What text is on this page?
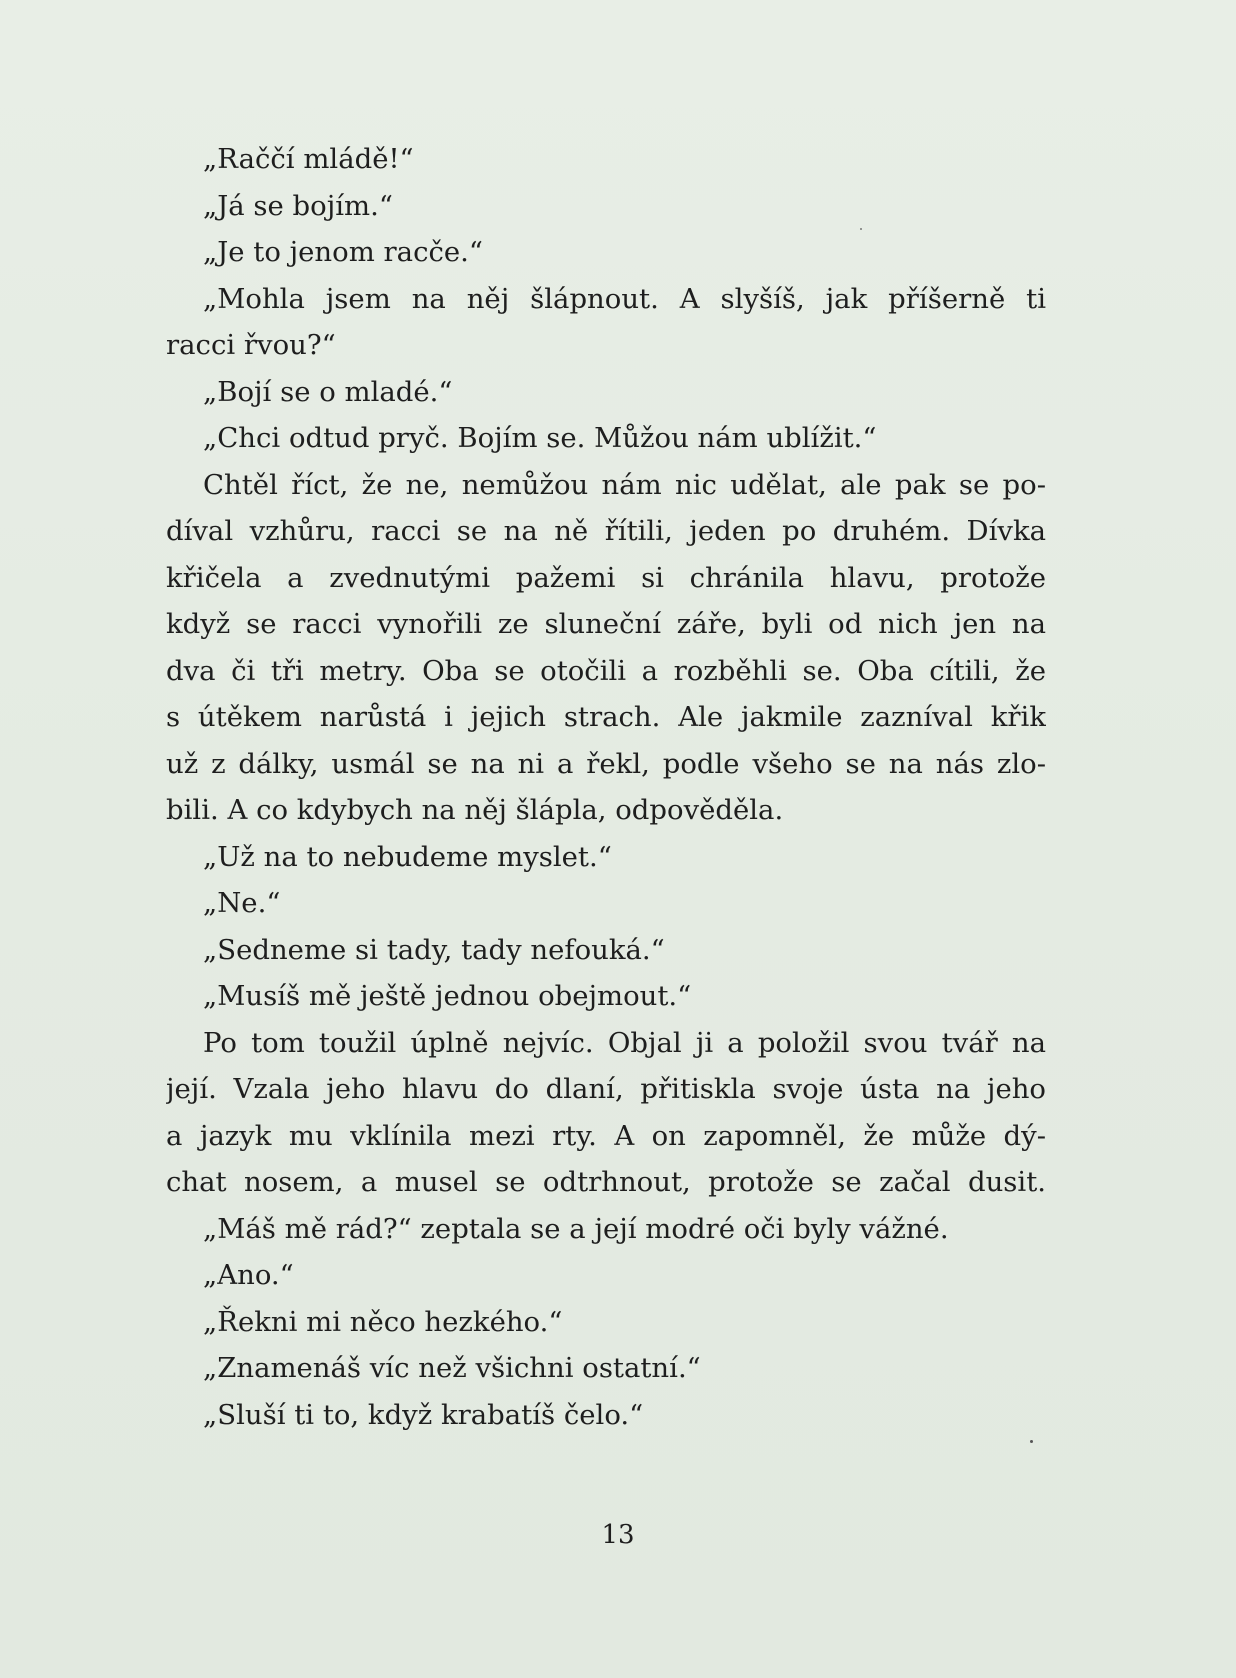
„Raččí mládě!“
„Já se bojím.“
„Je to jenom racče.“
„Mohla jsem na něj šlápnout. A slyšíš, jak příšerně ti
racci řvou?“
„Bojí se o mladé.“
„Chci odtud pryč. Bojím se. Můžou nám ublížit.“
Chtěl říct, že ne, nemůžou nám nic udělat, ale pak se po-
díval vzhůru, racci se na ně řítili, jeden po druhém. Dívka
křičela a zvednutými pažemi si chránila hlavu, protože
když se racci vynořili ze sluneční záře, byli od nich jen na
dva či tři metry. Oba se otočili a rozběhli se. Oba cítili, že
s útěkem narůstá i jejich strach. Ale jakmile zazníval křik
už z dálky, usmál se na ni a řekl, podle všeho se na nás zlo-
bili. A co kdybych na něj šlápla, odpověděla.
„Už na to nebudeme myslet.“
„Ne.“
„Sedneme si tady, tady nefouká.“
„Musíš mě ještě jednou obejmout.“
Po tom toužil úplně nejvíc. Objal ji a položil svou tvář na
její. Vzala jeho hlavu do dlaní, přitiskla svoje ústa na jeho
a jazyk mu vklínila mezi rty. A on zapomněl, že může dý-
chat nosem, a musel se odtrhnout, protože se začal dusit.
„Máš mě rád?“ zeptala se a její modré oči byly vážné.
„Ano.“
„Řekni mi něco hezkého.“
„Znamenáš víc než všichni ostatní.“
„Sluší ti to, když krabatíš čelo.“
13
